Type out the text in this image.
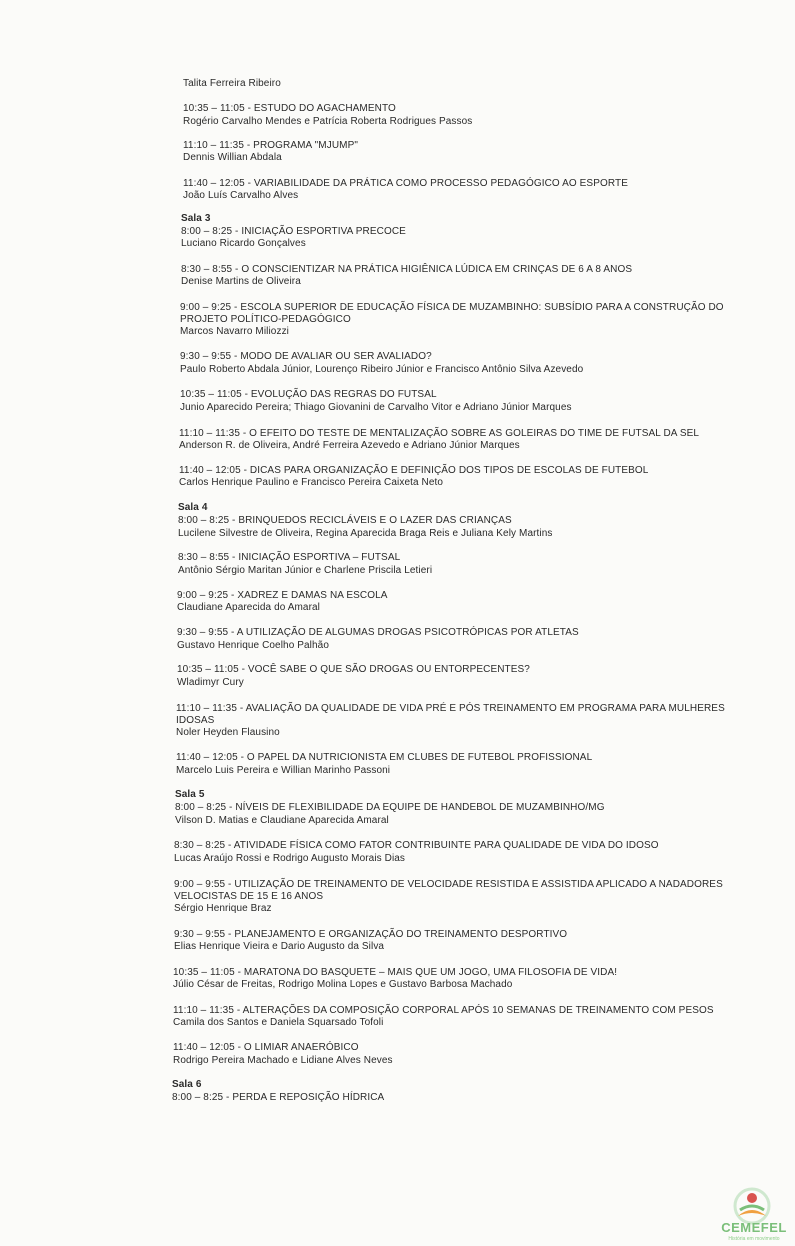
Talita Ferreira Ribeiro
10:35 – 11:05 - ESTUDO DO AGACHAMENTO
Rogério Carvalho Mendes e Patrícia Roberta Rodrigues Passos
11:10 – 11:35 - PROGRAMA "MJUMP"
Dennis Willian Abdala
11:40 – 12:05 - VARIABILIDADE DA PRÁTICA COMO PROCESSO PEDAGÓGICO AO ESPORTE
João Luís Carvalho Alves
Sala 3
8:00 – 8:25 - INICIAÇÃO ESPORTIVA PRECOCE
Luciano Ricardo Gonçalves
8:30 – 8:55 - O CONSCIENTIZAR NA PRÁTICA HIGIÊNICA LÚDICA EM CRINÇAS DE 6 A 8 ANOS
Denise Martins de Oliveira
9:00 – 9:25 - ESCOLA SUPERIOR DE EDUCAÇÃO FÍSICA DE MUZAMBINHO: SUBSÍDIO PARA A CONSTRUÇÃO DO
PROJETO POLÍTICO-PEDAGÓGICO
Marcos Navarro Miliozzi
9:30 – 9:55 - MODO DE AVALIAR OU SER AVALIADO?
Paulo Roberto Abdala Júnior, Lourenço Ribeiro Júnior e Francisco Antônio Silva Azevedo
10:35 – 11:05 - EVOLUÇÃO DAS REGRAS DO FUTSAL
Junio Aparecido Pereira; Thiago Giovanini de Carvalho Vitor e Adriano Júnior Marques
11:10 – 11:35 - O EFEITO DO TESTE DE MENTALIZAÇÃO SOBRE AS GOLEIRAS DO TIME DE FUTSAL DA SEL
Anderson R. de Oliveira, André Ferreira Azevedo e Adriano Júnior Marques
11:40 – 12:05 - DICAS PARA ORGANIZAÇÃO E DEFINIÇÃO DOS TIPOS DE ESCOLAS DE FUTEBOL
Carlos Henrique Paulino e Francisco Pereira Caixeta Neto
Sala 4
8:00 – 8:25 - BRINQUEDOS RECICLÁVEIS E O LAZER DAS CRIANÇAS
Lucilene Silvestre de Oliveira, Regina Aparecida Braga Reis e Juliana Kely Martins
8:30 – 8:55 - INICIAÇÃO ESPORTIVA – FUTSAL
Antônio Sérgio Maritan Júnior e Charlene Priscila Letieri
9:00 – 9:25 - XADREZ E DAMAS NA ESCOLA
Claudiane Aparecida do Amaral
9:30 – 9:55 - A UTILIZAÇÃO DE ALGUMAS DROGAS PSICOTRÓPICAS POR ATLETAS
Gustavo Henrique Coelho Palhão
10:35 – 11:05 - VOCÊ SABE O QUE SÃO DROGAS OU ENTORPECENTES?
Wladimyr Cury
11:10 – 11:35 - AVALIAÇÃO DA QUALIDADE DE VIDA PRÉ E PÓS TREINAMENTO EM PROGRAMA PARA MULHERES
IDOSAS
Noler Heyden Flausino
11:40 – 12:05 - O PAPEL DA NUTRICIONISTA EM CLUBES DE FUTEBOL PROFISSIONAL
Marcelo Luis Pereira e Willian Marinho Passoni
Sala 5
8:00 – 8:25 - NÍVEIS DE FLEXIBILIDADE DA EQUIPE DE HANDEBOL DE MUZAMBINHO/MG
Vilson D. Matias e Claudiane Aparecida Amaral
8:30 – 8:25 - ATIVIDADE FÍSICA COMO FATOR CONTRIBUINTE PARA QUALIDADE DE VIDA DO IDOSO
Lucas Araújo Rossi e Rodrigo Augusto Morais Dias
9:00 – 9:55 - UTILIZAÇÃO DE TREINAMENTO DE VELOCIDADE RESISTIDA E ASSISTIDA APLICADO A NADADORES
VELOCISTAS DE 15 E 16 ANOS
Sérgio Henrique Braz
9:30 – 9:55 - PLANEJAMENTO E ORGANIZAÇÃO DO TREINAMENTO DESPORTIVO
Elias Henrique Vieira e Dario Augusto da Silva
10:35 – 11:05 - MARATONA DO BASQUETE – MAIS QUE UM JOGO, UMA FILOSOFIA DE VIDA!
Júlio César de Freitas, Rodrigo Molina Lopes e Gustavo Barbosa Machado
11:10 – 11:35 - ALTERAÇÕES DA COMPOSIÇÃO CORPORAL APÓS 10 SEMANAS DE TREINAMENTO COM PESOS
Camila dos Santos e Daniela Squarsado Tofoli
11:40 – 12:05 - O LIMIAR ANAERÓBICO
Rodrigo Pereira Machado e Lidiane Alves Neves
Sala 6
8:00 – 8:25 - PERDA E REPOSIÇÃO HÍDRICA
CEMEFEL
História em movimento
